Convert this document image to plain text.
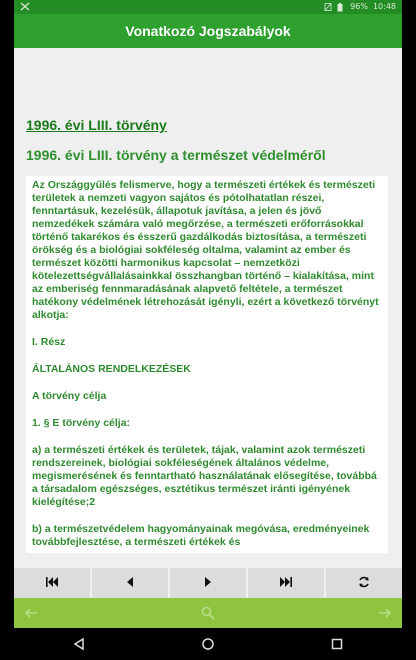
96% 10:48
Vonatkozó Jogszabályok
1996. évi LIII. törvény
1996. évi LIII. törvény a természet védelméről

Az Országgyűlés felismerve, hogy a természeti értékek és természeti területek a nemzeti vagyon sajátos és pótolhatatlan részei, fenntartásuk, kezelésük, állapotuk javítása, a jelen és jövő nemzedékek számára való megőrzése, a természeti erőforrásokkal történő takarékos és ésszerű gazdálkodás biztosítása, a természeti örökség és a biológiai sokféleség oltalma, valamint az ember és természet közötti harmonikus kapcsolat – nemzetközi kötelezettségvállalásainkkal összhangban történő – kialakítása, mint az emberiség fennmaradásának alapvető feltétele, a természet hatékony védelmének létrehozását igényli, ezért a következő törvényt alkotja:

I. Rész

ÁLTALÁNOS RENDELKEZÉSEK

A törvény célja

1. § E törvény célja:

a) a természeti értékek és területek, tájak, valamint azok természeti rendszereinek, biológiai sokféleségének általános védelme, megismerésének és fenntartható használatának elősegítése, továbbá a társadalom egészséges, esztétikus természet iránti igényének kielégítése;2

b) a természetvédelem hagyományainak megóvása, eredményeinek továbbfejlesztése, a természeti értékek és
